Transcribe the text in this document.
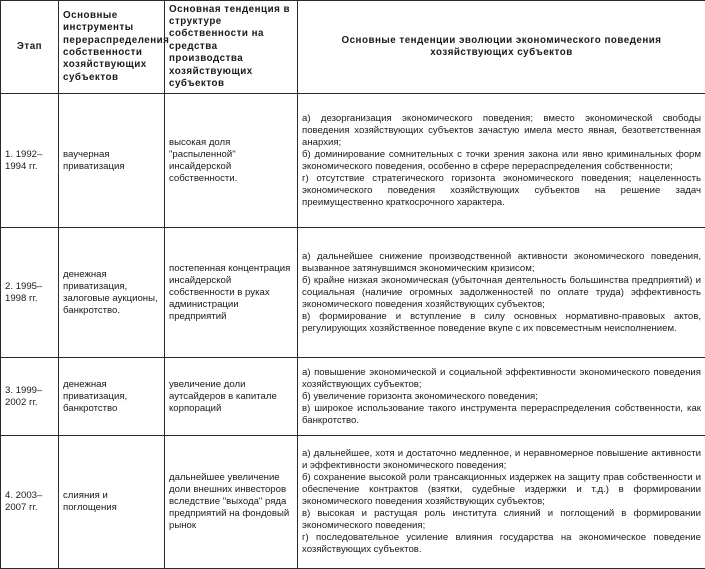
Этап	Основные инструменты перераспределения собственности хозяйствующих субъектов	Основная тенденция в структуре собственности на средства производства хозяйствующих субъектов	Основные тенденции эволюции экономического поведения хозяйствующих субъектов
1. 1992–1994 гг.	ваучерная приватизация	высокая доля "распыленной" инсайдерской собственности.	а) дезорганизация экономического поведения; вместо экономической свободы поведения хозяйствующих субъектов зачастую имела место явная, безответственная анархия;

б) доминирование сомнительных с точки зрения закона или явно криминальных форм экономического поведения, особенно в сфере перераспределения собственности;

г) отсутствие стратегического горизонта экономического поведения; нацеленность экономического поведения хозяйствующих субъектов на решение задач преимущественно краткосрочного характера.

2. 1995–1998 гг.	денежная приватизация, залоговые аукционы, банкротство.	постепенная концентрация инсайдерской собственности в руках администрации предприятий	а) дальнейшее снижение производственной активности экономического поведения, вызванное затянувшимся экономическим кризисом;

б) крайне низкая экономическая (убыточная деятельность большинства предприятий) и социальная (наличие огромных задолженностей по оплате труда) эффективность экономического поведения хозяйствующих субъектов;

в) формирование и вступление в силу основных нормативно-правовых актов, регулирующих хозяйственное поведение вкупе с их повсеместным неисполнением.

3. 1999–2002 гг.	денежная приватизация, банкротство	увеличение доли аутсайдеров в капитале корпораций	а) повышение экономической и социальной эффективности экономического поведения хозяйствующих субъектов;

б) увеличение горизонта экономического поведения;

в) широкое использование такого инструмента перераспределения собственности, как банкротство.

4. 2003–2007 гг.	слияния и поглощения	дальнейшее увеличение доли внешних инвесторов вследствие "выхода" ряда предприятий на фондовый рынок	а) дальнейшее, хотя и достаточно медленное, и неравномерное повышение активности и эффективности экономического поведения;

б) сохранение высокой роли трансакционных издержек на защиту прав собственности и обеспечение контрактов (взятки, судебные издержки и т.д.) в формировании экономического поведения хозяйствующих субъектов;

в) высокая и растущая роль института слияний и поглощений в формировании экономического поведения;

г) последовательное усиление влияния государства на экономическое поведение хозяйствующих субъектов.
